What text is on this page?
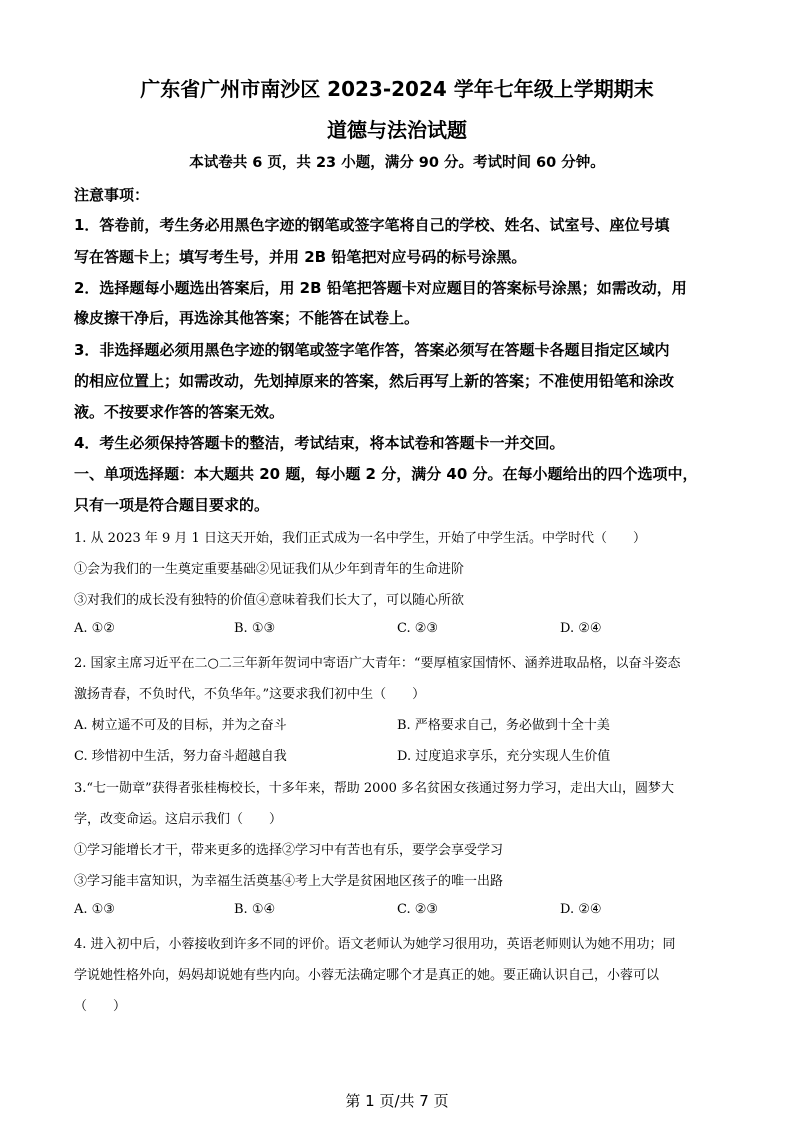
广东省广州市南沙区 2023-2024 学年七年级上学期期末
道德与法治试题
本试卷共 6 页，共 23 小题，满分 90 分。考试时间 60 分钟。
注意事项：
1．答卷前，考生务必用黑色字迹的钢笔或签字笔将自己的学校、姓名、试室号、座位号填
写在答题卡上；填写考生号，并用 2B 铅笔把对应号码的标号涂黑。
2．选择题每小题选出答案后，用 2B 铅笔把答题卡对应题目的答案标号涂黑；如需改动，用
橡皮擦干净后，再选涂其他答案；不能答在试卷上。
3．非选择题必须用黑色字迹的钢笔或签字笔作答，答案必须写在答题卡各题目指定区域内
的相应位置上；如需改动，先划掉原来的答案，然后再写上新的答案；不准使用铅笔和涂改
液。不按要求作答的答案无效。
4．考生必须保持答题卡的整洁，考试结束，将本试卷和答题卡一并交回。
一、单项选择题：本大题共 20 题，每小题 2 分，满分 40 分。在每小题给出的四个选项中，
只有一项是符合题目要求的。
1. 从 2023 年 9 月 1 日这天开始，我们正式成为一名中学生，开始了中学生活。中学时代（　　）
①会为我们的一生奠定重要基础②见证我们从少年到青年的生命进阶
③对我们的成长没有独特的价值④意味着我们长大了，可以随心所欲
A. ①②	B. ①③	C. ②③	D. ②④
2. 国家主席习近平在二○二三年新年贺词中寄语广大青年：“要厚植家国情怀、涵养进取品格，以奋斗姿态
激扬青春，不负时代，不负华年。”这要求我们初中生（　　）
A. 树立遥不可及的目标，并为之奋斗	B. 严格要求自己，务必做到十全十美
C. 珍惜初中生活，努力奋斗超越自我	D. 过度追求享乐，充分实现人生价值
3.“七一勋章”获得者张桂梅校长，十多年来，帮助 2000 多名贫困女孩通过努力学习，走出大山，圆梦大
学，改变命运。这启示我们（　　）
①学习能增长才干，带来更多的选择②学习中有苦也有乐，要学会享受学习
③学习能丰富知识，为幸福生活奠基④考上大学是贫困地区孩子的唯一出路
A. ①③	B. ①④	C. ②③	D. ②④
4. 进入初中后，小蓉接收到许多不同的评价。语文老师认为她学习很用功，英语老师则认为她不用功；同
学说她性格外向，妈妈却说她有些内向。小蓉无法确定哪个才是真正的她。要正确认识自己，小蓉可以
（　　）
第 1 页/共 7 页
